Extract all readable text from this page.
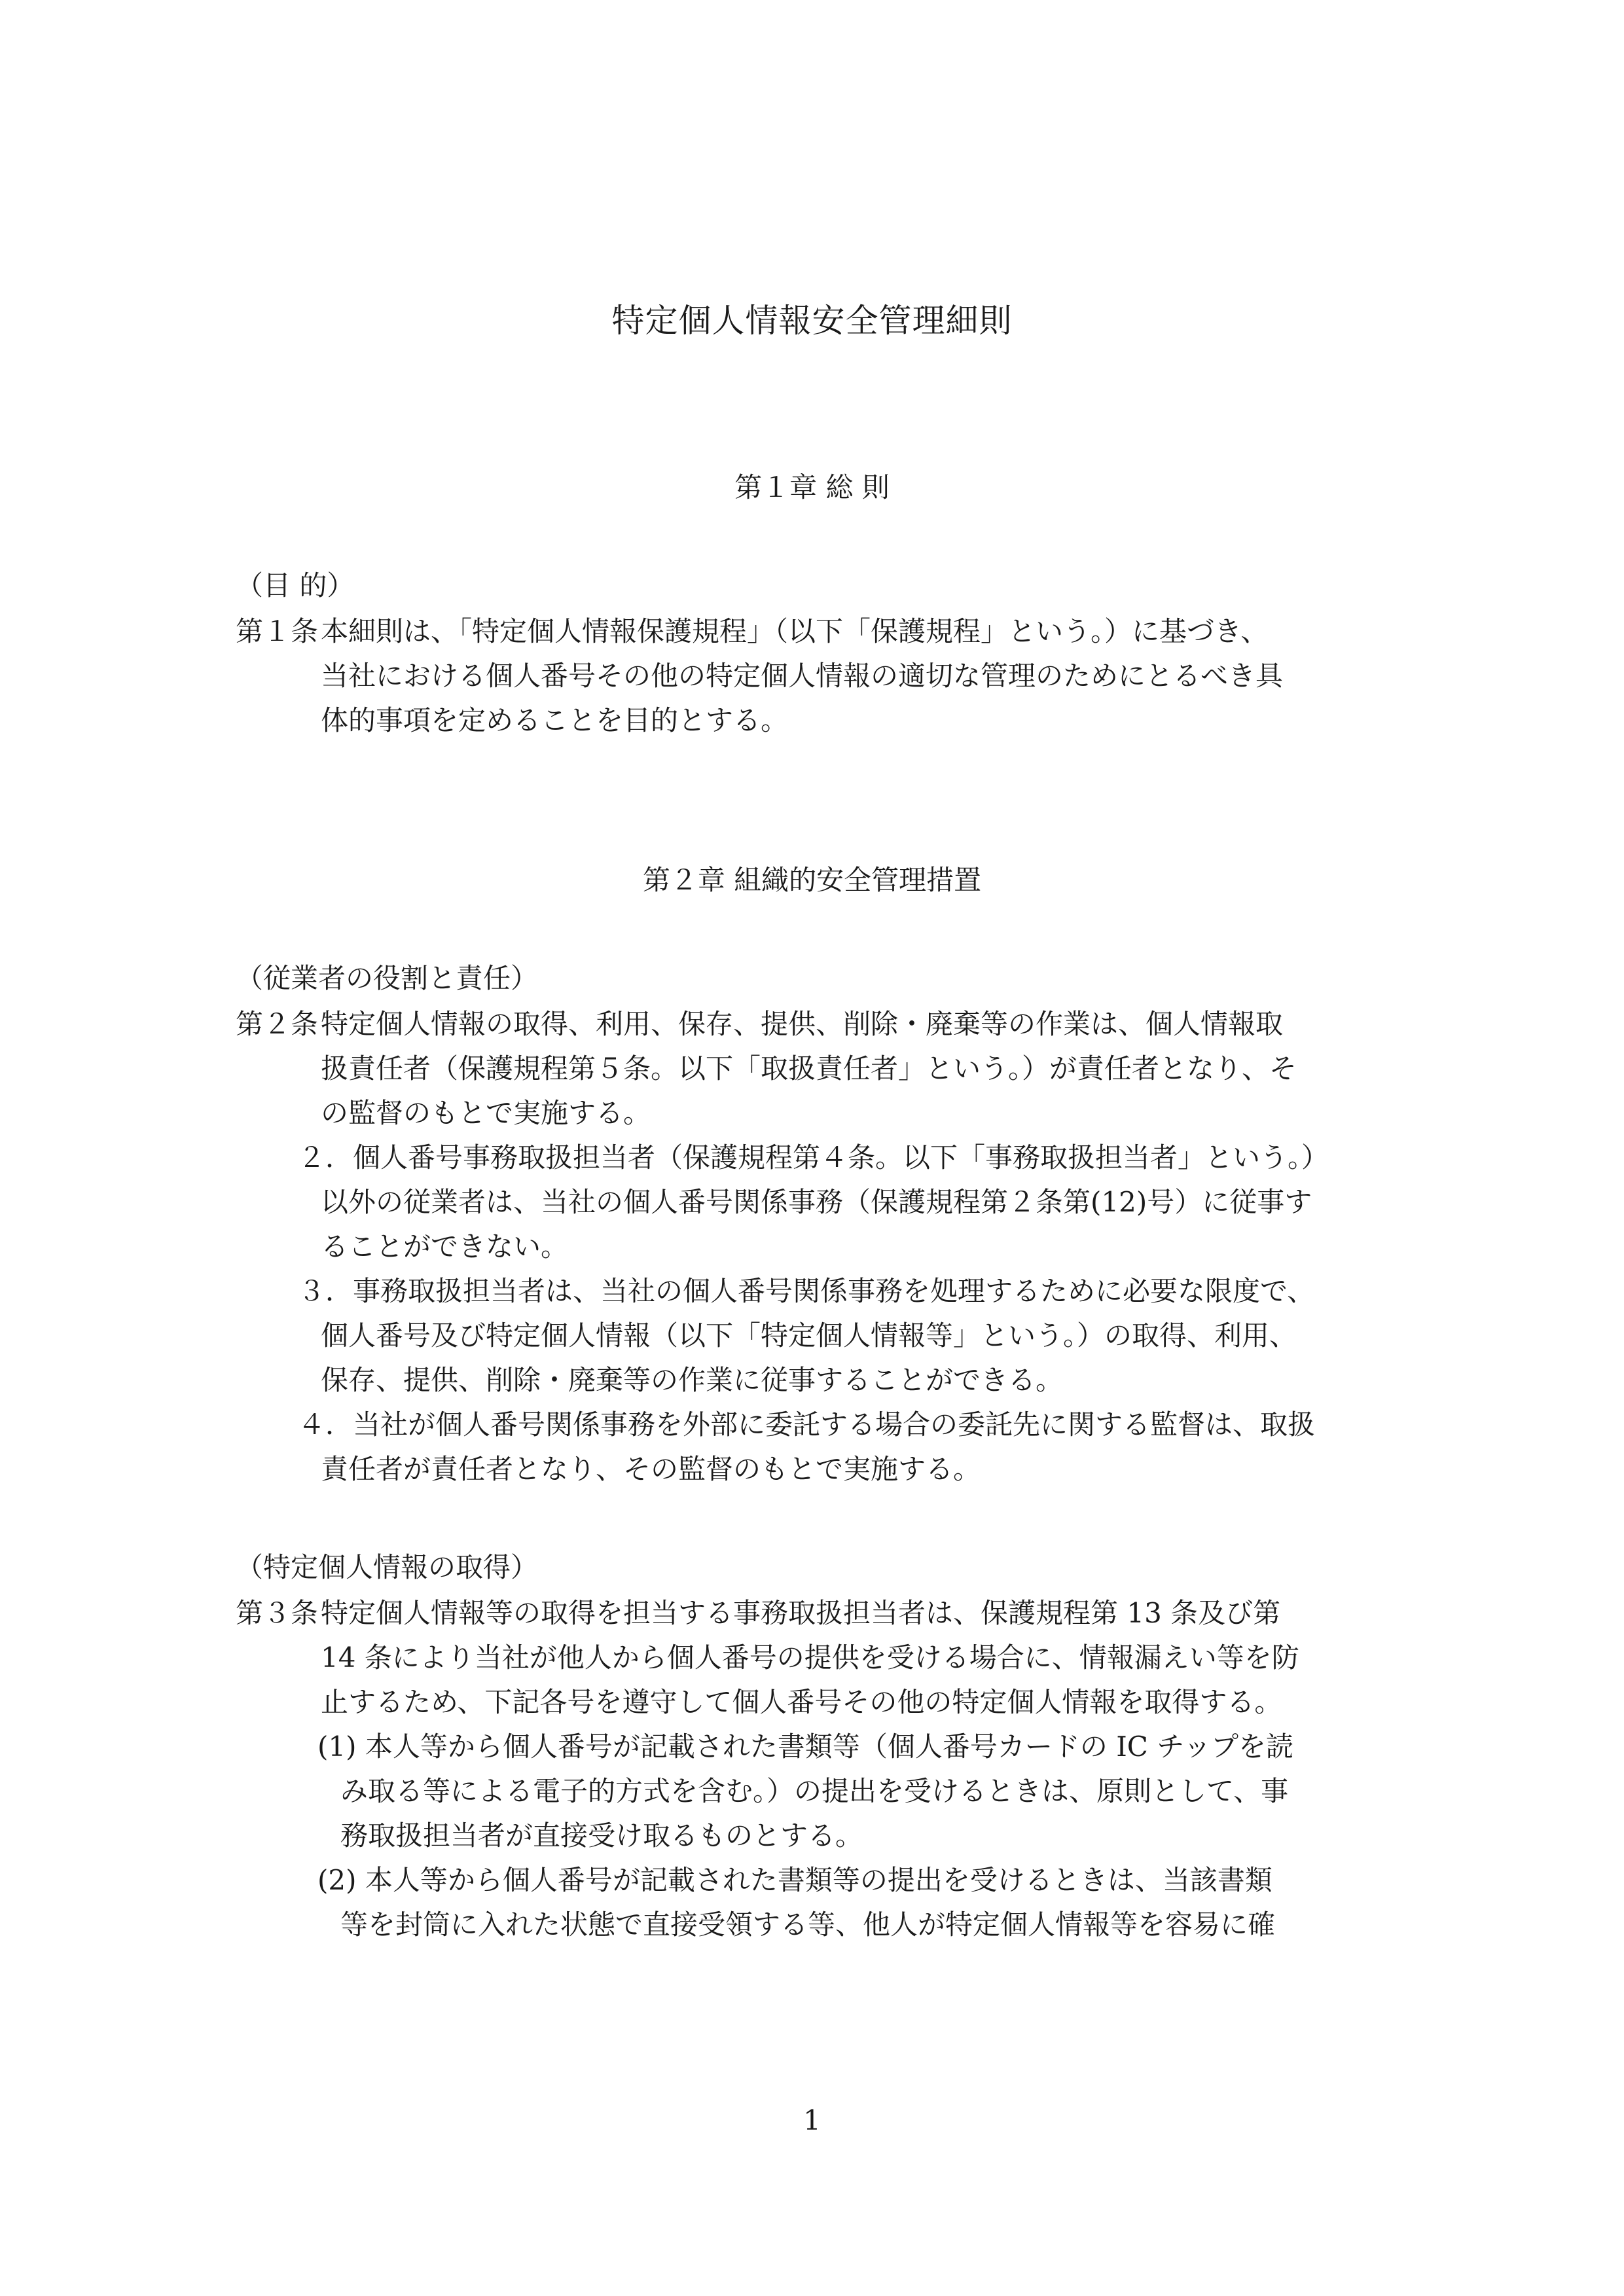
特定個人情報安全管理細則
第１章 総 則
（目 的）
第１条本細則は、「特定個人情報保護規程」（以下「保護規程」という。）に基づき、
当社における個人番号その他の特定個人情報の適切な管理のためにとるべき具
体的事項を定めることを目的とする。
第２章 組織的安全管理措置
（従業者の役割と責任）
第２条特定個人情報の取得、利用、保存、提供、削除・廃棄等の作業は、個人情報取
扱責任者（保護規程第５条。以下「取扱責任者」という。）が責任者となり、そ
の監督のもとで実施する。
２．個人番号事務取扱担当者（保護規程第４条。以下「事務取扱担当者」という。）
以外の従業者は、当社の個人番号関係事務（保護規程第２条第(12)号）に従事す
ることができない。
３．事務取扱担当者は、当社の個人番号関係事務を処理するために必要な限度で、
個人番号及び特定個人情報（以下「特定個人情報等」という。）の取得、利用、
保存、提供、削除・廃棄等の作業に従事することができる。
４．当社が個人番号関係事務を外部に委託する場合の委託先に関する監督は、取扱
責任者が責任者となり、その監督のもとで実施する。
（特定個人情報の取得）
第３条特定個人情報等の取得を担当する事務取扱担当者は、保護規程第 13 条及び第
14 条により当社が他人から個人番号の提供を受ける場合に、情報漏えい等を防
止するため、下記各号を遵守して個人番号その他の特定個人情報を取得する。
(1) 本人等から個人番号が記載された書類等（個人番号カードの IC チップを読
み取る等による電子的方式を含む。）の提出を受けるときは、原則として、事
務取扱担当者が直接受け取るものとする。
(2) 本人等から個人番号が記載された書類等の提出を受けるときは、当該書類
等を封筒に入れた状態で直接受領する等、他人が特定個人情報等を容易に確
1
